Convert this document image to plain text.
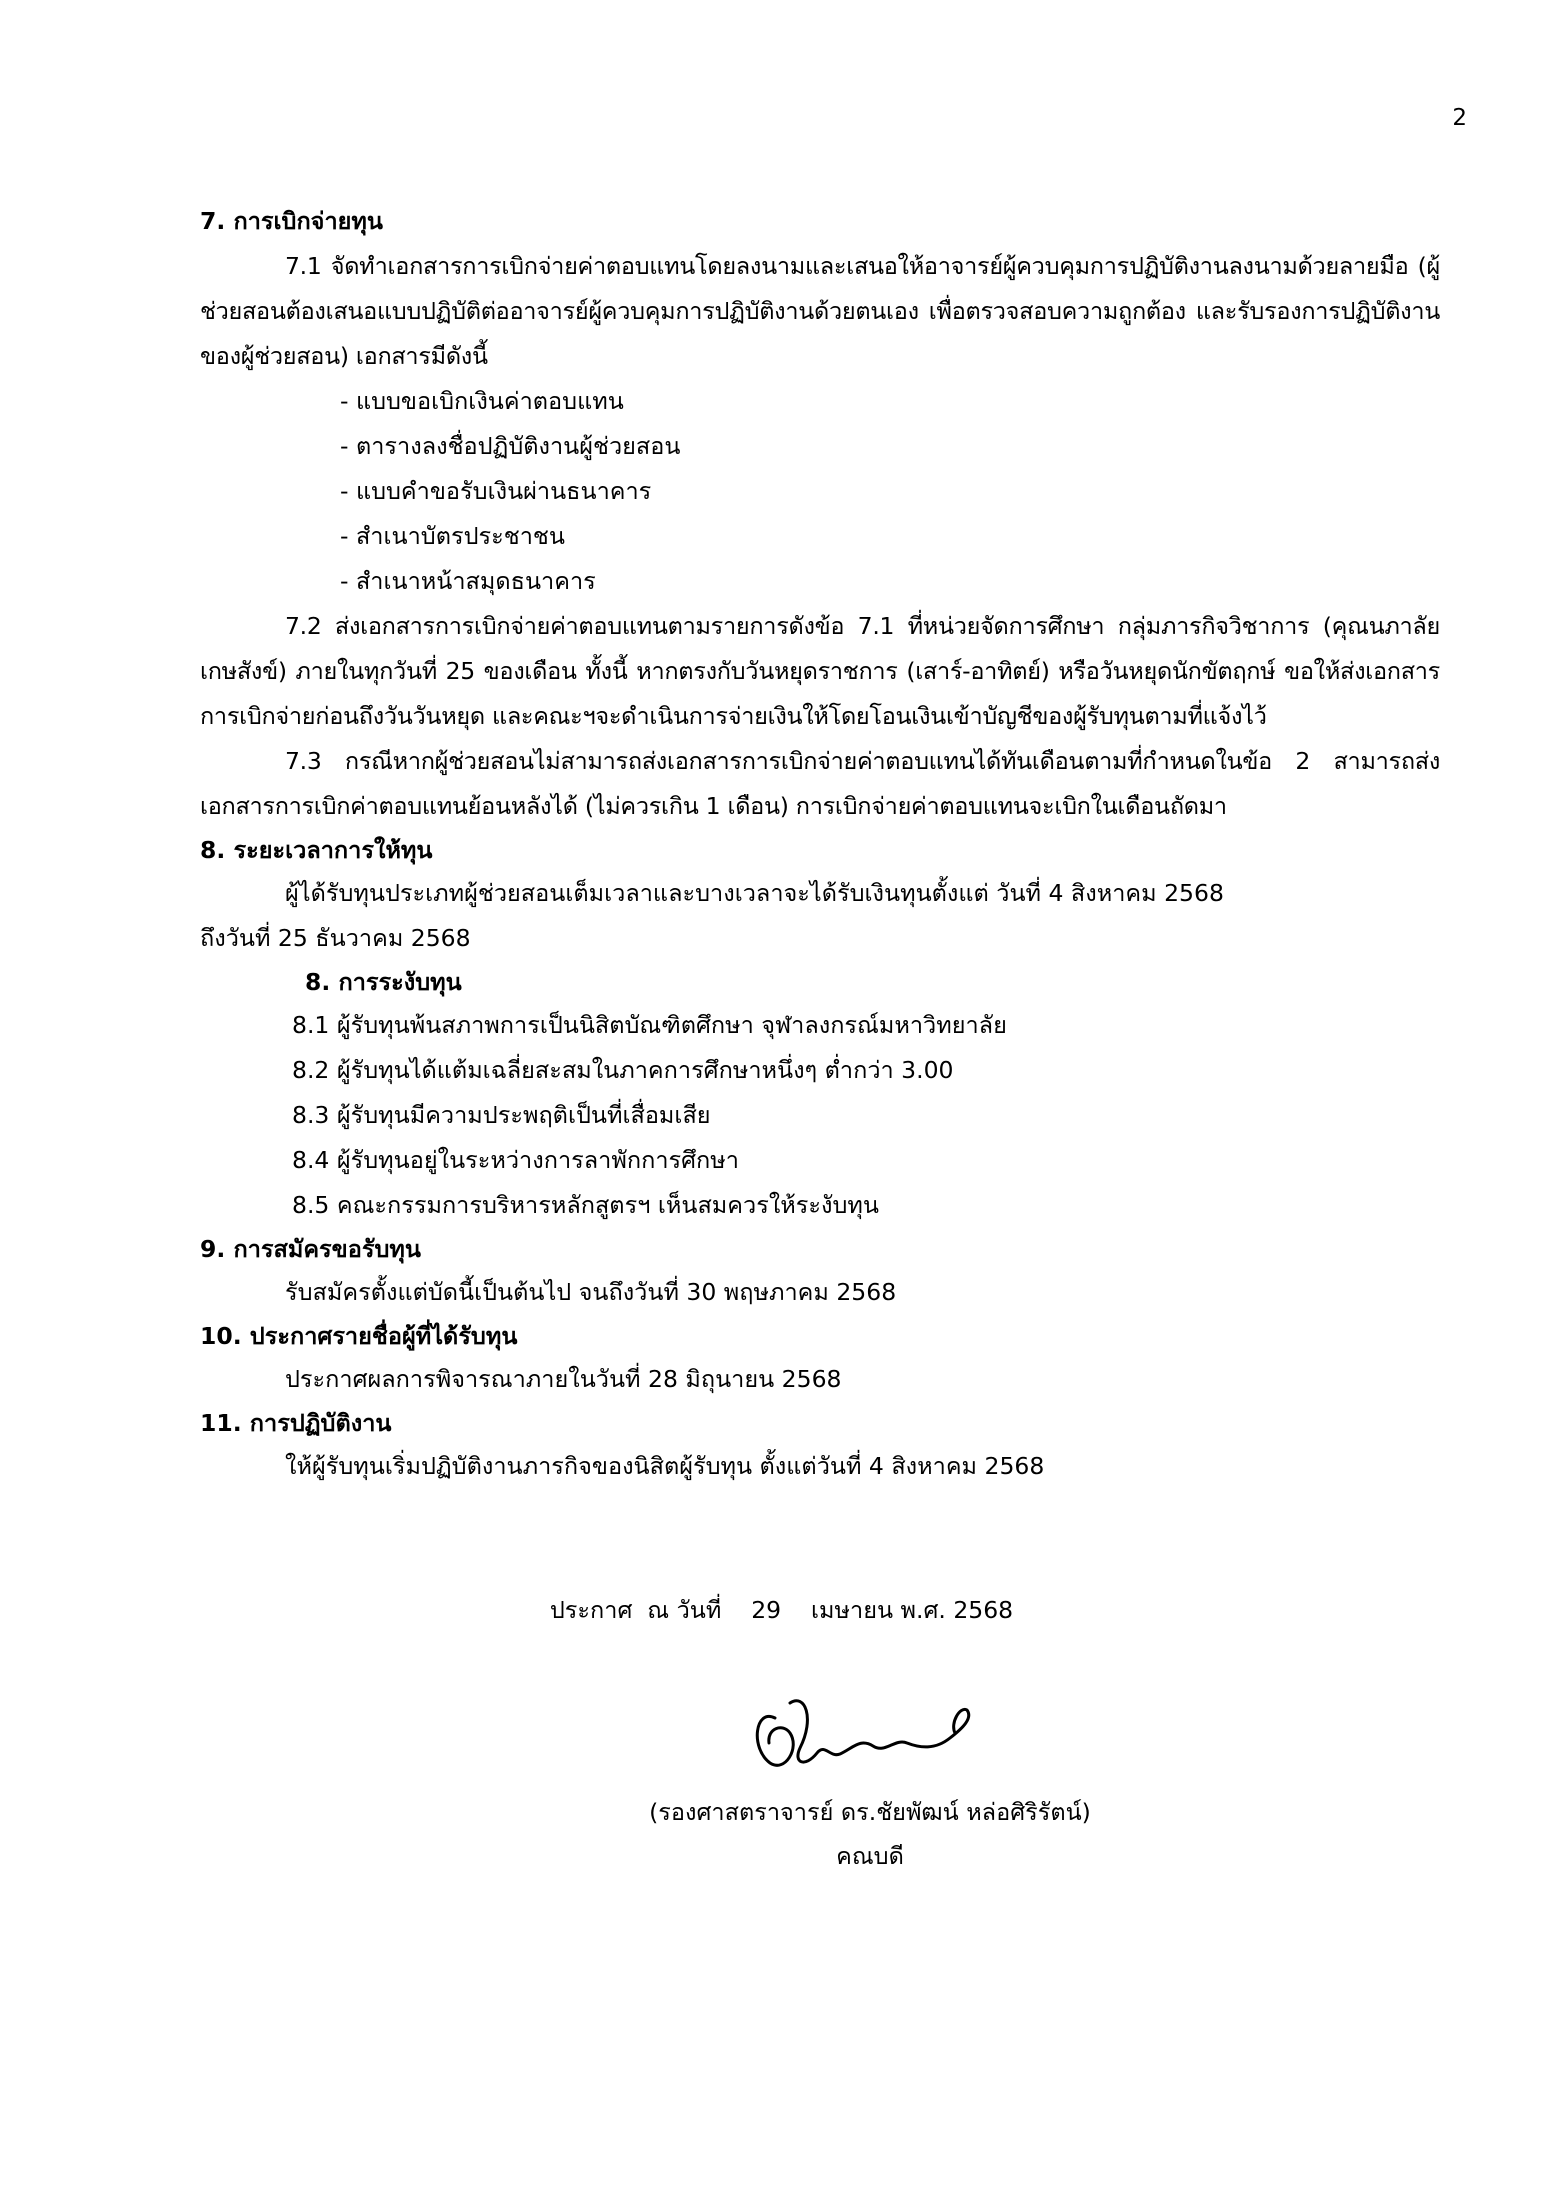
2

7. การเบิกจ่ายทุน

7.1 จัดทำเอกสารการเบิกจ่ายค่าตอบแทนโดยลงนามและเสนอให้อาจารย์ผู้ควบคุมการปฏิบัติงานลงนามด้วยลายมือ (ผู้ช่วยสอนต้องเสนอแบบปฏิบัติต่ออาจารย์ผู้ควบคุมการปฏิบัติงานด้วยตนเอง เพื่อตรวจสอบความถูกต้อง และรับรองการปฏิบัติงานของผู้ช่วยสอน) เอกสารมีดังนี้

- แบบขอเบิกเงินค่าตอบแทน

- ตารางลงชื่อปฏิบัติงานผู้ช่วยสอน

- แบบคำขอรับเงินผ่านธนาคาร

- สำเนาบัตรประชาชน

- สำเนาหน้าสมุดธนาคาร

7.2 ส่งเอกสารการเบิกจ่ายค่าตอบแทนตามรายการดังข้อ 7.1 ที่หน่วยจัดการศึกษา กลุ่มภารกิจวิชาการ (คุณนภาลัย เกษสังข์) ภายในทุกวันที่ 25 ของเดือน ทั้งนี้ หากตรงกับวันหยุดราชการ (เสาร์-อาทิตย์) หรือวันหยุดนักขัตฤกษ์ ขอให้ส่งเอกสารการเบิกจ่ายก่อนถึงวันวันหยุด และคณะฯจะดำเนินการจ่ายเงินให้โดยโอนเงินเข้าบัญชีของผู้รับทุนตามที่แจ้งไว้

7.3 กรณีหากผู้ช่วยสอนไม่สามารถส่งเอกสารการเบิกจ่ายค่าตอบแทนได้ทันเดือนตามที่กำหนดในข้อ 2 สามารถส่งเอกสารการเบิกค่าตอบแทนย้อนหลังได้ (ไม่ควรเกิน 1 เดือน) การเบิกจ่ายค่าตอบแทนจะเบิกในเดือนถัดมา

8. ระยะเวลาการให้ทุน

ผู้ได้รับทุนประเภทผู้ช่วยสอนเต็มเวลาและบางเวลาจะได้รับเงินทุนตั้งแต่ วันที่ 4 สิงหาคม 2568

ถึงวันที่ 25 ธันวาคม 2568

8. การระงับทุน

8.1 ผู้รับทุนพ้นสภาพการเป็นนิสิตบัณฑิตศึกษา จุฬาลงกรณ์มหาวิทยาลัย

8.2 ผู้รับทุนได้แต้มเฉลี่ยสะสมในภาคการศึกษาหนึ่งๆ ต่ำกว่า 3.00

8.3 ผู้รับทุนมีความประพฤติเป็นที่เสื่อมเสีย

8.4 ผู้รับทุนอยู่ในระหว่างการลาพักการศึกษา

8.5 คณะกรรมการบริหารหลักสูตรฯ เห็นสมควรให้ระงับทุน

9. การสมัครขอรับทุน

รับสมัครตั้งแต่บัดนี้เป็นต้นไป จนถึงวันที่ 30 พฤษภาคม 2568

10. ประกาศรายชื่อผู้ที่ได้รับทุน

ประกาศผลการพิจารณาภายในวันที่ 28 มิถุนายน 2568

11. การปฏิบัติงาน

ให้ผู้รับทุนเริ่มปฏิบัติงานภารกิจของนิสิตผู้รับทุน ตั้งแต่วันที่ 4 สิงหาคม 2568

ประกาศ  ณ วันที่    29    เมษายน พ.ศ. 2568
(รองศาสตราจารย์ ดร.ชัยพัฒน์ หล่อศิริรัตน์)
คณบดี
